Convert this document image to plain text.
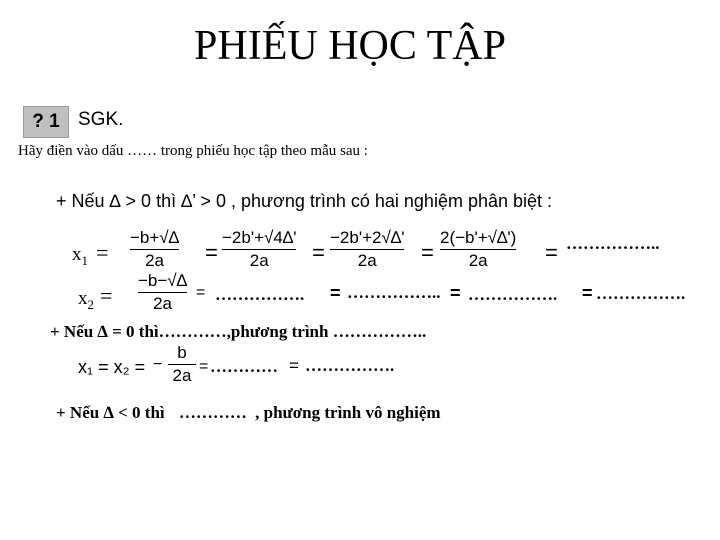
PHIẾU HỌC TẬP
? 1 SGK.
Hãy điền vào dấu …… trong phiếu học tập theo mẫu sau :
+ Nếu ∆ > 0 thì ∆’ > 0 , phương trình có hai nghiệm phân biệt :
$x_1$ =
−b+√∆
2a	=
−2b'+√4∆'
2a	=
−2b'+2√∆'
2a	=
2(−b'+√∆')
2a	= ……………..
$x_2$ =
−b−√∆
2a
= ……………. = …………….. = ……………. = …………….
+ Nếu ∆ = 0 thì…………,phương trình ……………..
x₁ = x₂ = −
b
2a = ………… = …………….
+ Nếu ∆ < 0 thì ………… , phương trình vô nghiệm
